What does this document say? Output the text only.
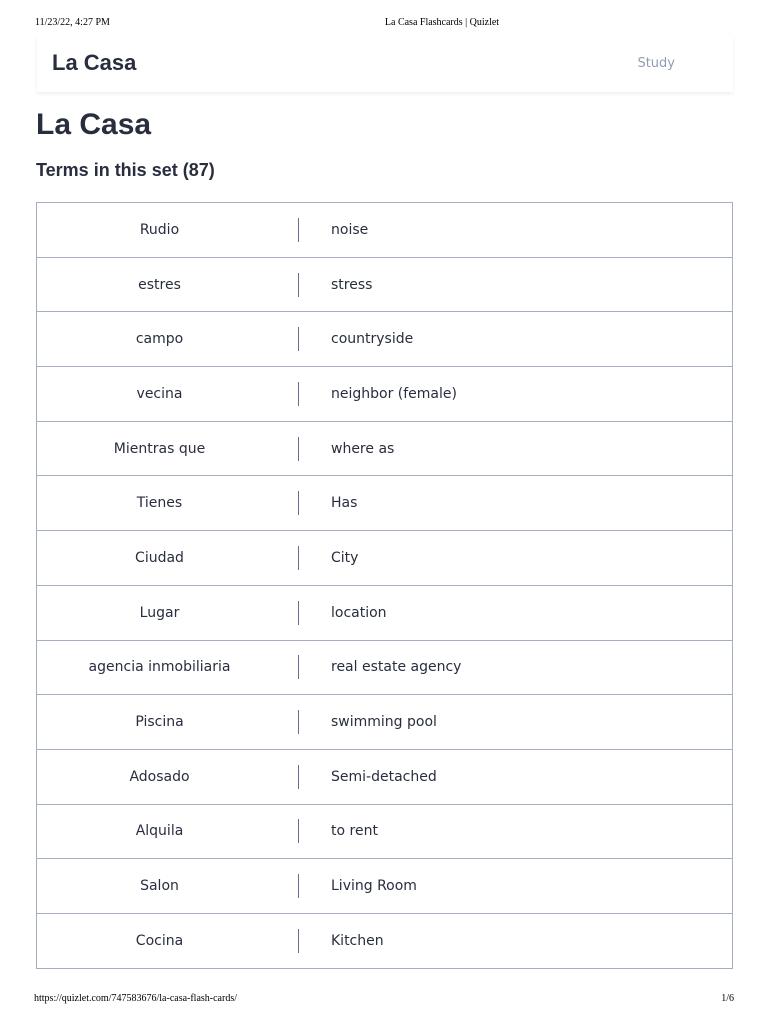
11/23/22, 4:27 PM	La Casa Flashcards | Quizlet
La Casa	Study
La Casa
Terms in this set (87)
Rudio	noise
estres	stress
campo	countryside
vecina	neighbor (female)
Mientras que	where as
Tienes	Has
Ciudad	City
Lugar	location
agencia inmobiliaria	real estate agency
Piscina	swimming pool
Adosado	Semi-detached
Alquila	to rent
Salon	Living Room
Cocina	Kitchen
https://quizlet.com/747583676/la-casa-flash-cards/	1/6
